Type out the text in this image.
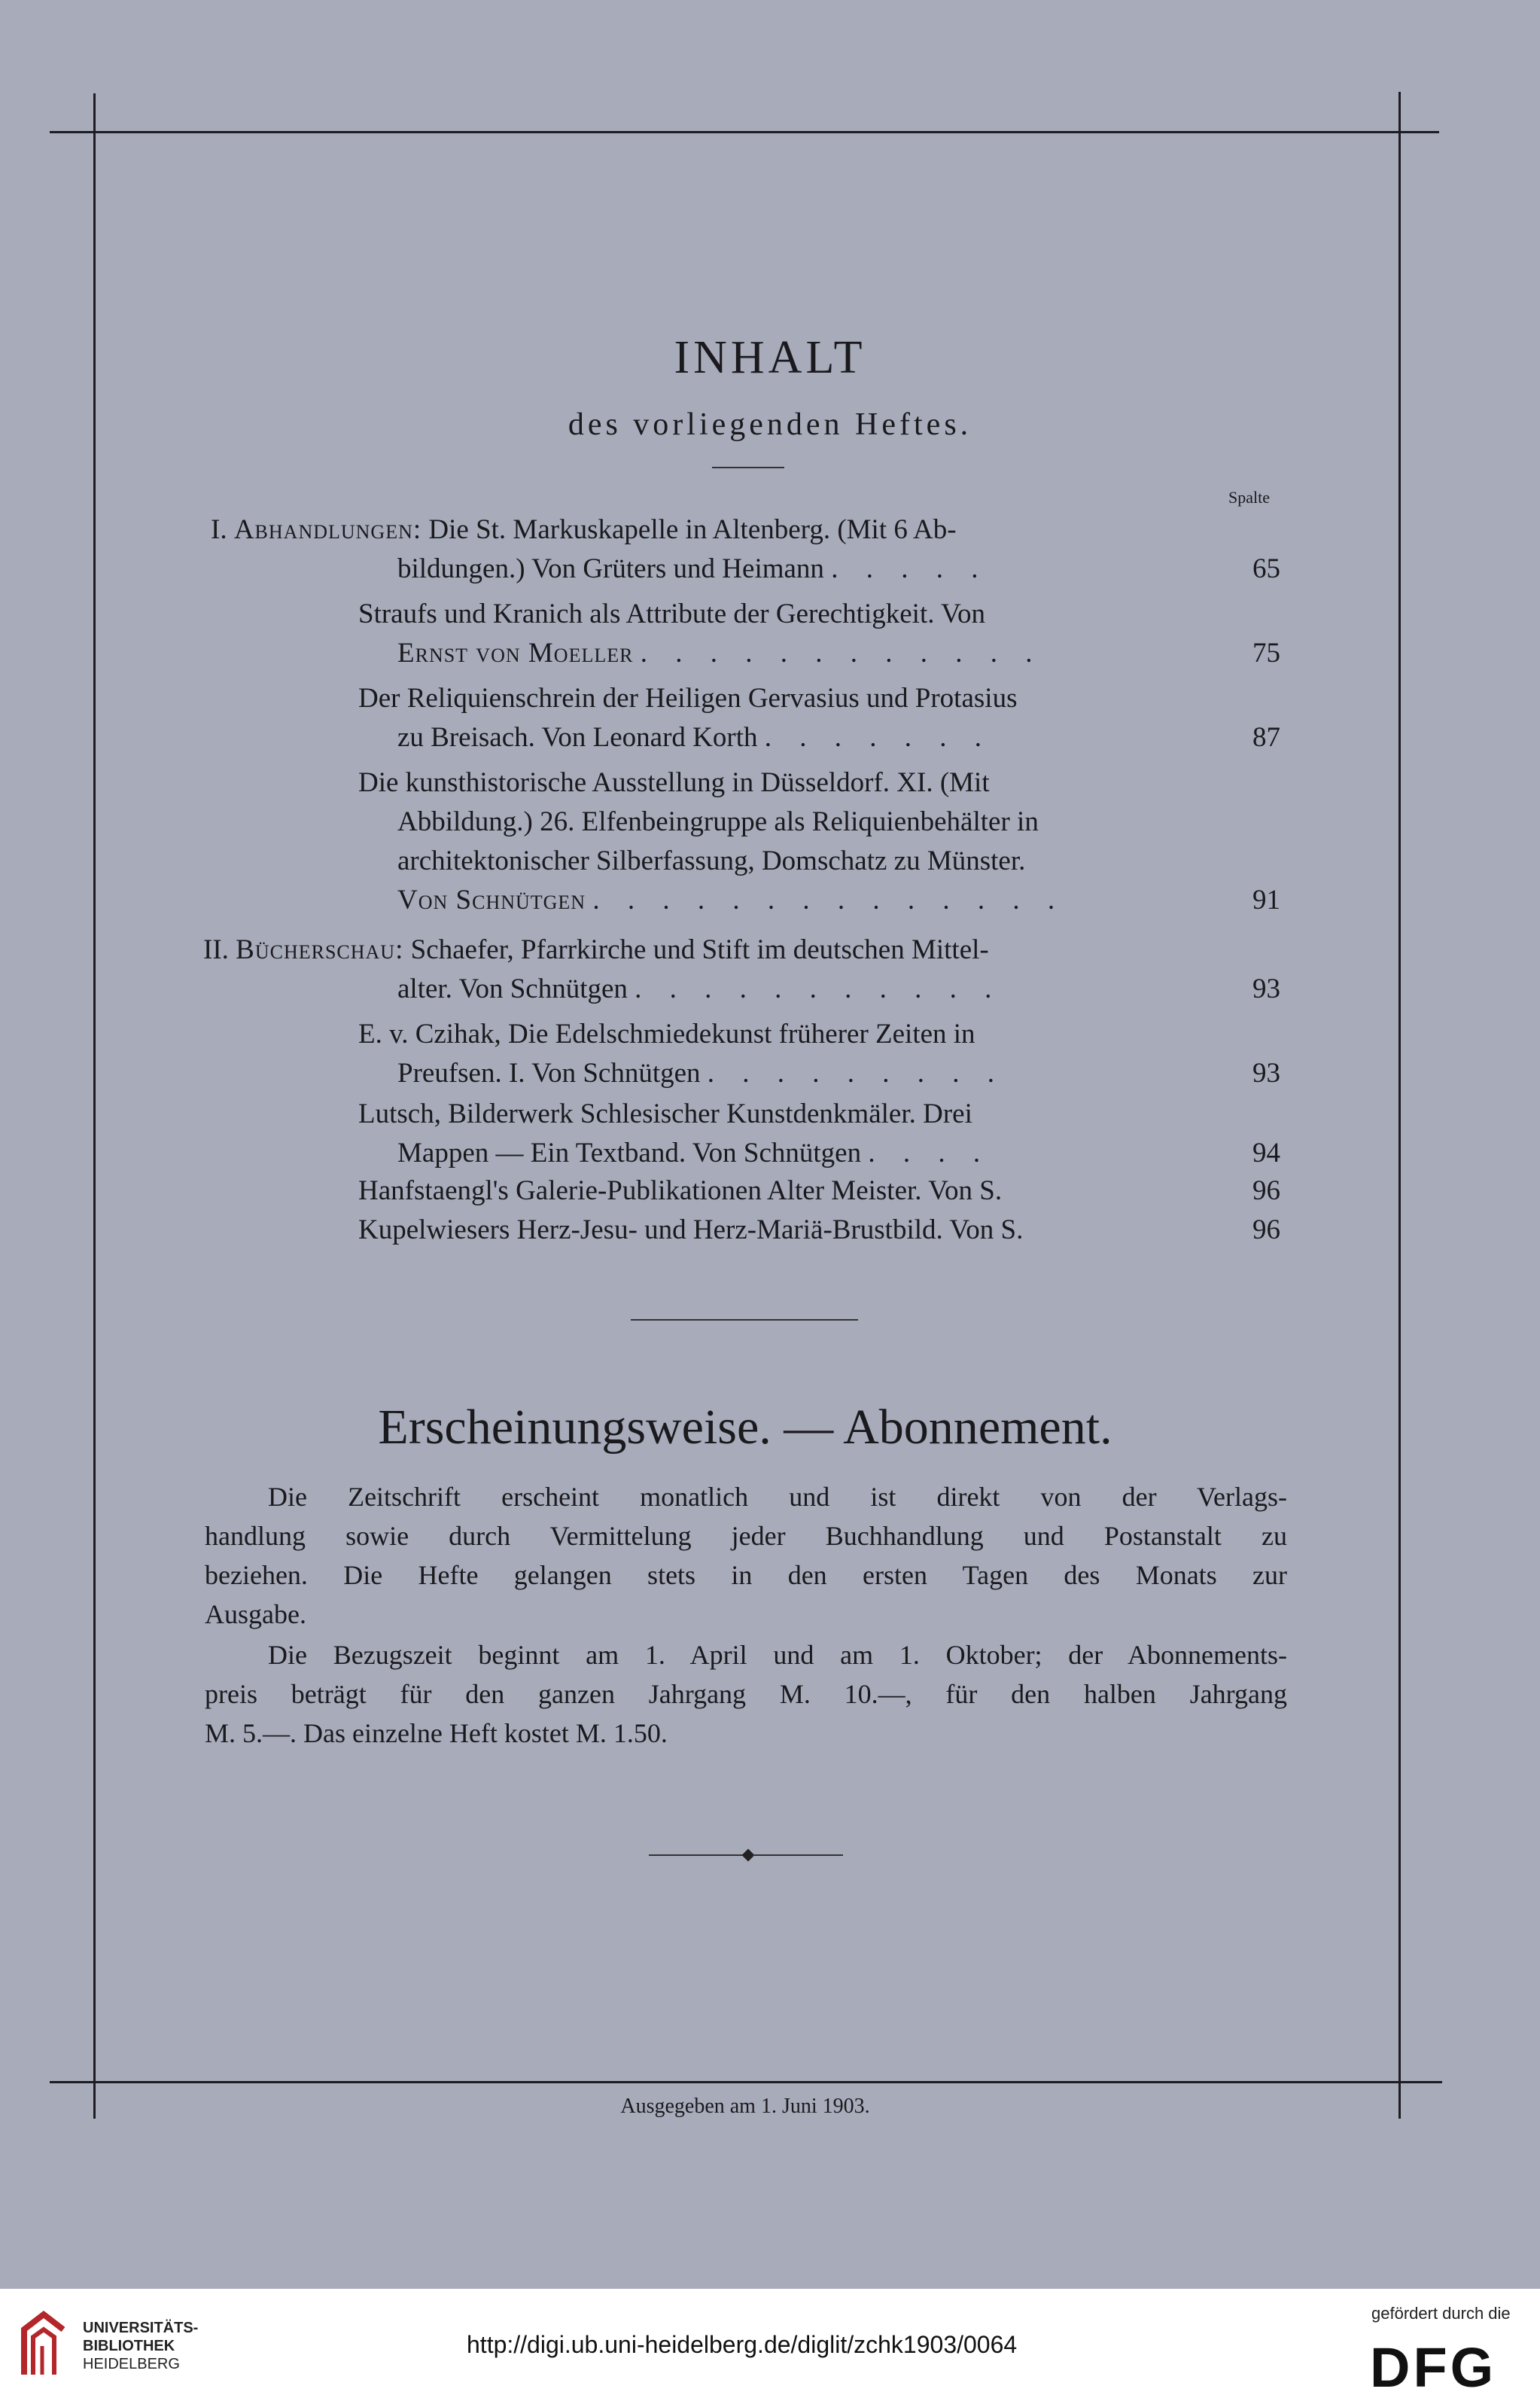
INHALT
des vorliegenden Heftes.
Spalte
I. Abhandlungen: Die St. Markuskapelle in Altenberg. (Mit 6 Ab-
bildungen.) Von Grüters und Heimann . . . . .	65
Straufs und Kranich als Attribute der Gerechtigkeit. Von
Ernst von Moeller . . . . . . . . . . . .	75
Der Reliquienschrein der Heiligen Gervasius und Protasius
zu Breisach. Von Leonard Korth . . . . . . .	87
Die kunsthistorische Ausstellung in Düsseldorf. XI. (Mit
Abbildung.) 26. Elfenbeingruppe als Reliquienbehälter in
architektonischer Silberfassung, Domschatz zu Münster.
Von Schnütgen . . . . . . . . . . . . . .	91
II. Bücherschau: Schaefer, Pfarrkirche und Stift im deutschen Mittel-
alter. Von Schnütgen . . . . . . . . . . .	93
E. v. Czihak, Die Edelschmiedekunst früherer Zeiten in
Preufsen. I. Von Schnütgen . . . . . . . . .	93
Lutsch, Bilderwerk Schlesischer Kunstdenkmäler. Drei
Mappen — Ein Textband. Von Schnütgen . . . .	94
Hanfstaengl's Galerie-Publikationen Alter Meister. Von S.	96
Kupelwiesers Herz-Jesu- und Herz-Mariä-Brustbild. Von S.	96
Erscheinungsweise. — Abonnement.
Die Zeitschrift erscheint monatlich und ist direkt von der Verlags-
handlung sowie durch Vermittelung jeder Buchhandlung und Postanstalt zu
beziehen. Die Hefte gelangen stets in den ersten Tagen des Monats zur
Ausgabe.
Die Bezugszeit beginnt am 1. April und am 1. Oktober; der Abonnements-
preis beträgt für den ganzen Jahrgang M. 10.—, für den halben Jahrgang
M. 5.—. Das einzelne Heft kostet M. 1.50.
Ausgegeben am 1. Juni 1903.
UNIVERSITÄTS-
BIBLIOTHEK
HEIDELBERG
http://digi.ub.uni-heidelberg.de/diglit/zchk1903/0064
gefördert durch die
DFG
